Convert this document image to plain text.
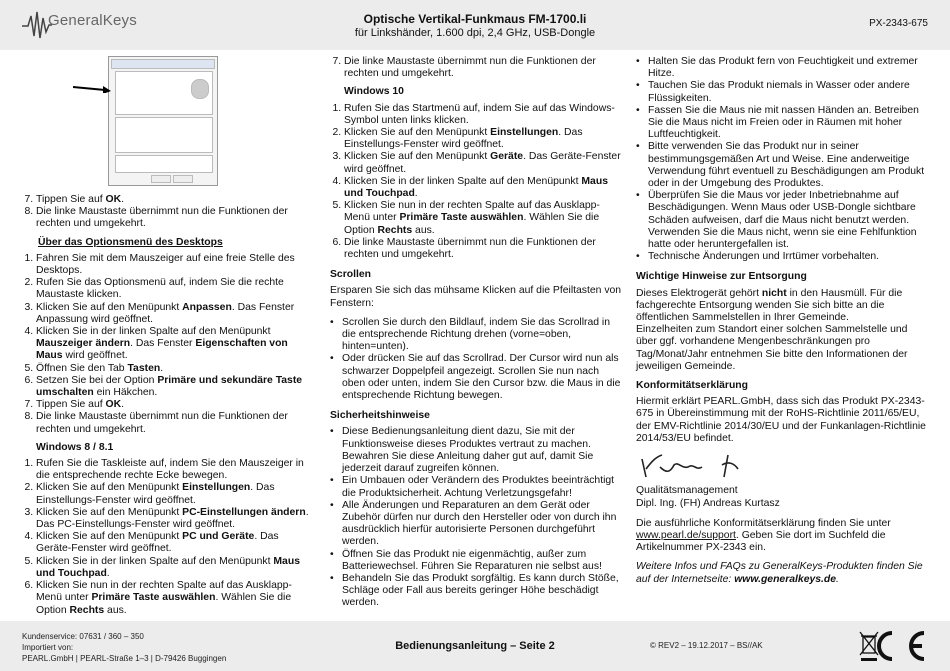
GeneralKeys	Optische Vertikal-Funkmaus FM-1700.li
für Linkshänder, 1.600 dpi, 2,4 GHz, USB-Dongle
PX-2343-675
7. Tippen Sie auf OK.
8. Die linke Maustaste übernimmt nun die Funktionen der rechten und umgekehrt.
Über das Optionsmenü des Desktops
1. Fahren Sie mit dem Mauszeiger auf eine freie Stelle des Desktops.
2. Rufen Sie das Optionsmenü auf, indem Sie die rechte Maustaste klicken.
3. Klicken Sie auf den Menüpunkt Anpassen. Das Fenster Anpassung wird geöffnet.
4. Klicken Sie in der linken Spalte auf den Menüpunkt Mauszeiger ändern. Das Fenster Eigenschaften von Maus wird geöffnet.
5. Öffnen Sie den Tab Tasten.
6. Setzen Sie bei der Option Primäre und sekundäre Taste umschalten ein Häkchen.
7. Tippen Sie auf OK.
8. Die linke Maustaste übernimmt nun die Funktionen der rechten und umgekehrt.
Windows 8 / 8.1
1. Rufen Sie die Taskleiste auf, indem Sie den Mauszeiger in die entsprechende rechte Ecke bewegen.
2. Klicken Sie auf den Menüpunkt Einstellungen. Das Einstellungs-Fenster wird geöffnet.
3. Klicken Sie auf den Menüpunkt PC-Einstellungen ändern. Das PC-Einstellungs-Fenster wird geöffnet.
4. Klicken Sie auf den Menüpunkt PC und Geräte. Das Geräte-Fenster wird geöffnet.
5. Klicken Sie in der linken Spalte auf den Menüpunkt Maus und Touchpad.
6. Klicken Sie nun in der rechten Spalte auf das Ausklapp-Menü unter Primäre Taste auswählen. Wählen Sie die Option Rechts aus.
7. Die linke Maustaste übernimmt nun die Funktionen der rechten und umgekehrt.
Windows 10
1. Rufen Sie das Startmenü auf, indem Sie auf das Windows-Symbol unten links klicken.
2. Klicken Sie auf den Menüpunkt Einstellungen. Das Einstellungs-Fenster wird geöffnet.
3. Klicken Sie auf den Menüpunkt Geräte. Das Geräte-Fenster wird geöffnet.
4. Klicken Sie in der linken Spalte auf den Menüpunkt Maus und Touchpad.
5. Klicken Sie nun in der rechten Spalte auf das Ausklapp-Menü unter Primäre Taste auswählen. Wählen Sie die Option Rechts aus.
6. Die linke Maustaste übernimmt nun die Funktionen der rechten und umgekehrt.
Scrollen

Ersparen Sie sich das mühsame Klicken auf die Pfeiltasten von Fenstern:

• Scrollen Sie durch den Bildlauf, indem Sie das Scrollrad in die entsprechende Richtung drehen (vorne=oben, hinten=unten).
• Oder drücken Sie auf das Scrollrad. Der Cursor wird nun als schwarzer Doppelpfeil angezeigt. Scrollen Sie nun nach oben oder unten, indem Sie den Cursor bzw. die Maus in die entsprechende Richtung bewegen.
Sicherheitshinweise
• Diese Bedienungsanleitung dient dazu, Sie mit der Funktionsweise dieses Produktes vertraut zu machen. Bewahren Sie diese Anleitung daher gut auf, damit Sie jederzeit darauf zugreifen können.
• Ein Umbauen oder Verändern des Produktes beeinträchtigt die Produktsicherheit. Achtung Verletzungsgefahr!
• Alle Änderungen und Reparaturen an dem Gerät oder Zubehör dürfen nur durch den Hersteller oder von durch ihn ausdrücklich hierfür autorisierte Personen durchgeführt werden.
• Öffnen Sie das Produkt nie eigenmächtig, außer zum Batteriewechsel. Führen Sie Reparaturen nie selbst aus!
• Behandeln Sie das Produkt sorgfältig. Es kann durch Stöße, Schläge oder Fall aus bereits geringer Höhe beschädigt werden.
• Halten Sie das Produkt fern von Feuchtigkeit und extremer Hitze.
• Tauchen Sie das Produkt niemals in Wasser oder andere Flüssigkeiten.
• Fassen Sie die Maus nie mit nassen Händen an. Betreiben Sie die Maus nicht im Freien oder in Räumen mit hoher Luftfeuchtigkeit.
• Bitte verwenden Sie das Produkt nur in seiner bestimmungsgemäßen Art und Weise. Eine anderweitige Verwendung führt eventuell zu Beschädigungen am Produkt oder in der Umgebung des Produktes.
• Überprüfen Sie die Maus vor jeder Inbetriebnahme auf Beschädigungen. Wenn Maus oder USB-Dongle sichtbare Schäden aufweisen, darf die Maus nicht benutzt werden. Verwenden Sie die Maus nicht, wenn sie eine Fehlfunktion hatte oder heruntergefallen ist.
• Technische Änderungen und Irrtümer vorbehalten.
Wichtige Hinweise zur Entsorgung

Dieses Elektrogerät gehört nicht in den Hausmüll. Für die fachgerechte Entsorgung wenden Sie sich bitte an die öffentlichen Sammelstellen in Ihrer Gemeinde.

Einzelheiten zum Standort einer solchen Sammelstelle und über ggf. vorhandene Mengenbeschränkungen pro Tag/Monat/Jahr entnehmen Sie bitte den Informationen der jeweiligen Gemeinde.

Konformitätserklärung

Hiermit erklärt PEARL.GmbH, dass sich das Produkt PX-2343-675 in Übereinstimmung mit der RoHS-Richtlinie 2011/65/EU, der EMV-Richtlinie 2014/30/EU und der Funkanlagen-Richtlinie 2014/53/EU befindet.

Qualitätsmanagement
Dipl. Ing. (FH) Andreas Kurtasz

Die ausführliche Konformitätserklärung finden Sie unter www.pearl.de/support. Geben Sie dort im Suchfeld die Artikelnummer PX-2343 ein.

Weitere Infos und FAQs zu GeneralKeys-Produkten finden Sie auf der Internetseite: www.generalkeys.de.

Kundenservice: 07631 / 360 – 350
Importiert von:
PEARL.GmbH | PEARL-Straße 1–3 | D-79426 Buggingen
Bedienungsanleitung – Seite 2	© REV2 – 19.12.2017 – BS//AK
